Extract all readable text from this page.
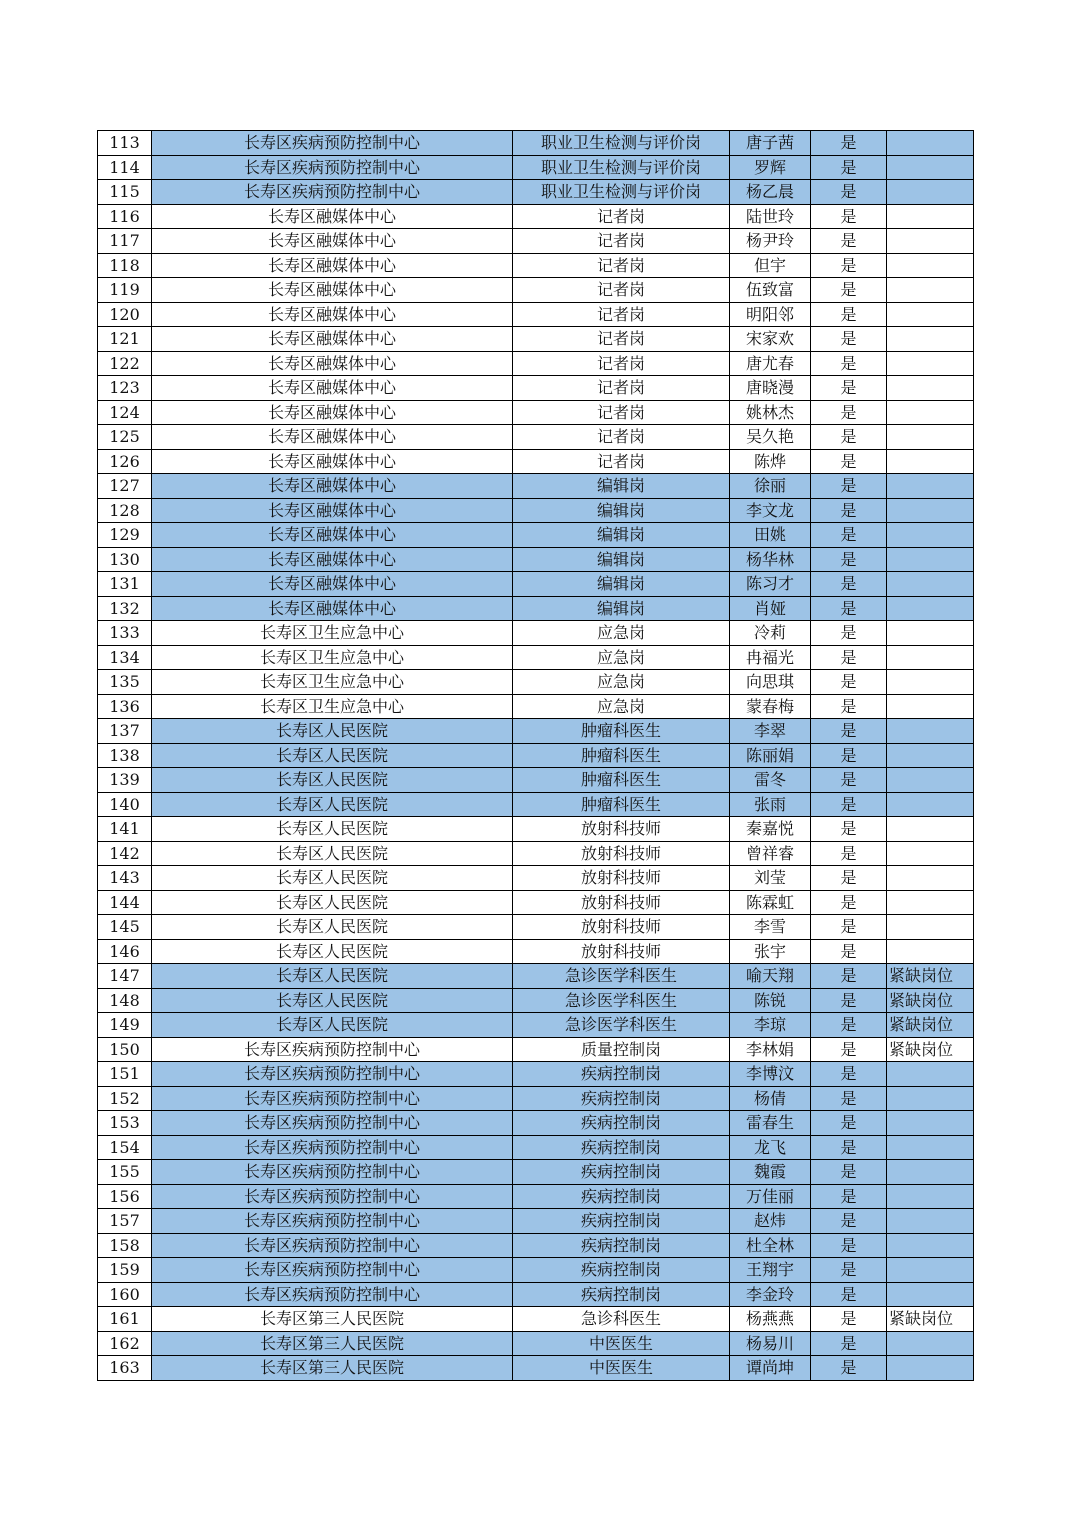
113	长寿区疾病预防控制中心	职业卫生检测与评价岗	唐子茜	是	
114	长寿区疾病预防控制中心	职业卫生检测与评价岗	罗辉	是	
115	长寿区疾病预防控制中心	职业卫生检测与评价岗	杨乙晨	是	
116	长寿区融媒体中心	记者岗	陆世玲	是	
117	长寿区融媒体中心	记者岗	杨尹玲	是	
118	长寿区融媒体中心	记者岗	但宇	是	
119	长寿区融媒体中心	记者岗	伍致富	是	
120	长寿区融媒体中心	记者岗	明阳邻	是	
121	长寿区融媒体中心	记者岗	宋家欢	是	
122	长寿区融媒体中心	记者岗	唐尤春	是	
123	长寿区融媒体中心	记者岗	唐晓漫	是	
124	长寿区融媒体中心	记者岗	姚林杰	是	
125	长寿区融媒体中心	记者岗	吴久艳	是	
126	长寿区融媒体中心	记者岗	陈烨	是	
127	长寿区融媒体中心	编辑岗	徐丽	是	
128	长寿区融媒体中心	编辑岗	李文龙	是	
129	长寿区融媒体中心	编辑岗	田姚	是	
130	长寿区融媒体中心	编辑岗	杨华林	是	
131	长寿区融媒体中心	编辑岗	陈习才	是	
132	长寿区融媒体中心	编辑岗	肖娅	是	
133	长寿区卫生应急中心	应急岗	冷莉	是	
134	长寿区卫生应急中心	应急岗	冉福光	是	
135	长寿区卫生应急中心	应急岗	向思琪	是	
136	长寿区卫生应急中心	应急岗	蒙春梅	是	
137	长寿区人民医院	肿瘤科医生	李翠	是	
138	长寿区人民医院	肿瘤科医生	陈丽娟	是	
139	长寿区人民医院	肿瘤科医生	雷冬	是	
140	长寿区人民医院	肿瘤科医生	张雨	是	
141	长寿区人民医院	放射科技师	秦嘉悦	是	
142	长寿区人民医院	放射科技师	曾祥睿	是	
143	长寿区人民医院	放射科技师	刘莹	是	
144	长寿区人民医院	放射科技师	陈霖虹	是	
145	长寿区人民医院	放射科技师	李雪	是	
146	长寿区人民医院	放射科技师	张宇	是	
147	长寿区人民医院	急诊医学科医生	喻天翔	是	紧缺岗位
148	长寿区人民医院	急诊医学科医生	陈锐	是	紧缺岗位
149	长寿区人民医院	急诊医学科医生	李琼	是	紧缺岗位
150	长寿区疾病预防控制中心	质量控制岗	李林娟	是	紧缺岗位
151	长寿区疾病预防控制中心	疾病控制岗	李博汶	是	
152	长寿区疾病预防控制中心	疾病控制岗	杨倩	是	
153	长寿区疾病预防控制中心	疾病控制岗	雷春生	是	
154	长寿区疾病预防控制中心	疾病控制岗	龙飞	是	
155	长寿区疾病预防控制中心	疾病控制岗	魏霞	是	
156	长寿区疾病预防控制中心	疾病控制岗	万佳丽	是	
157	长寿区疾病预防控制中心	疾病控制岗	赵炜	是	
158	长寿区疾病预防控制中心	疾病控制岗	杜全林	是	
159	长寿区疾病预防控制中心	疾病控制岗	王翔宇	是	
160	长寿区疾病预防控制中心	疾病控制岗	李金玲	是	
161	长寿区第三人民医院	急诊科医生	杨燕燕	是	紧缺岗位
162	长寿区第三人民医院	中医医生	杨易川	是	
163	长寿区第三人民医院	中医医生	谭尚坤	是	
